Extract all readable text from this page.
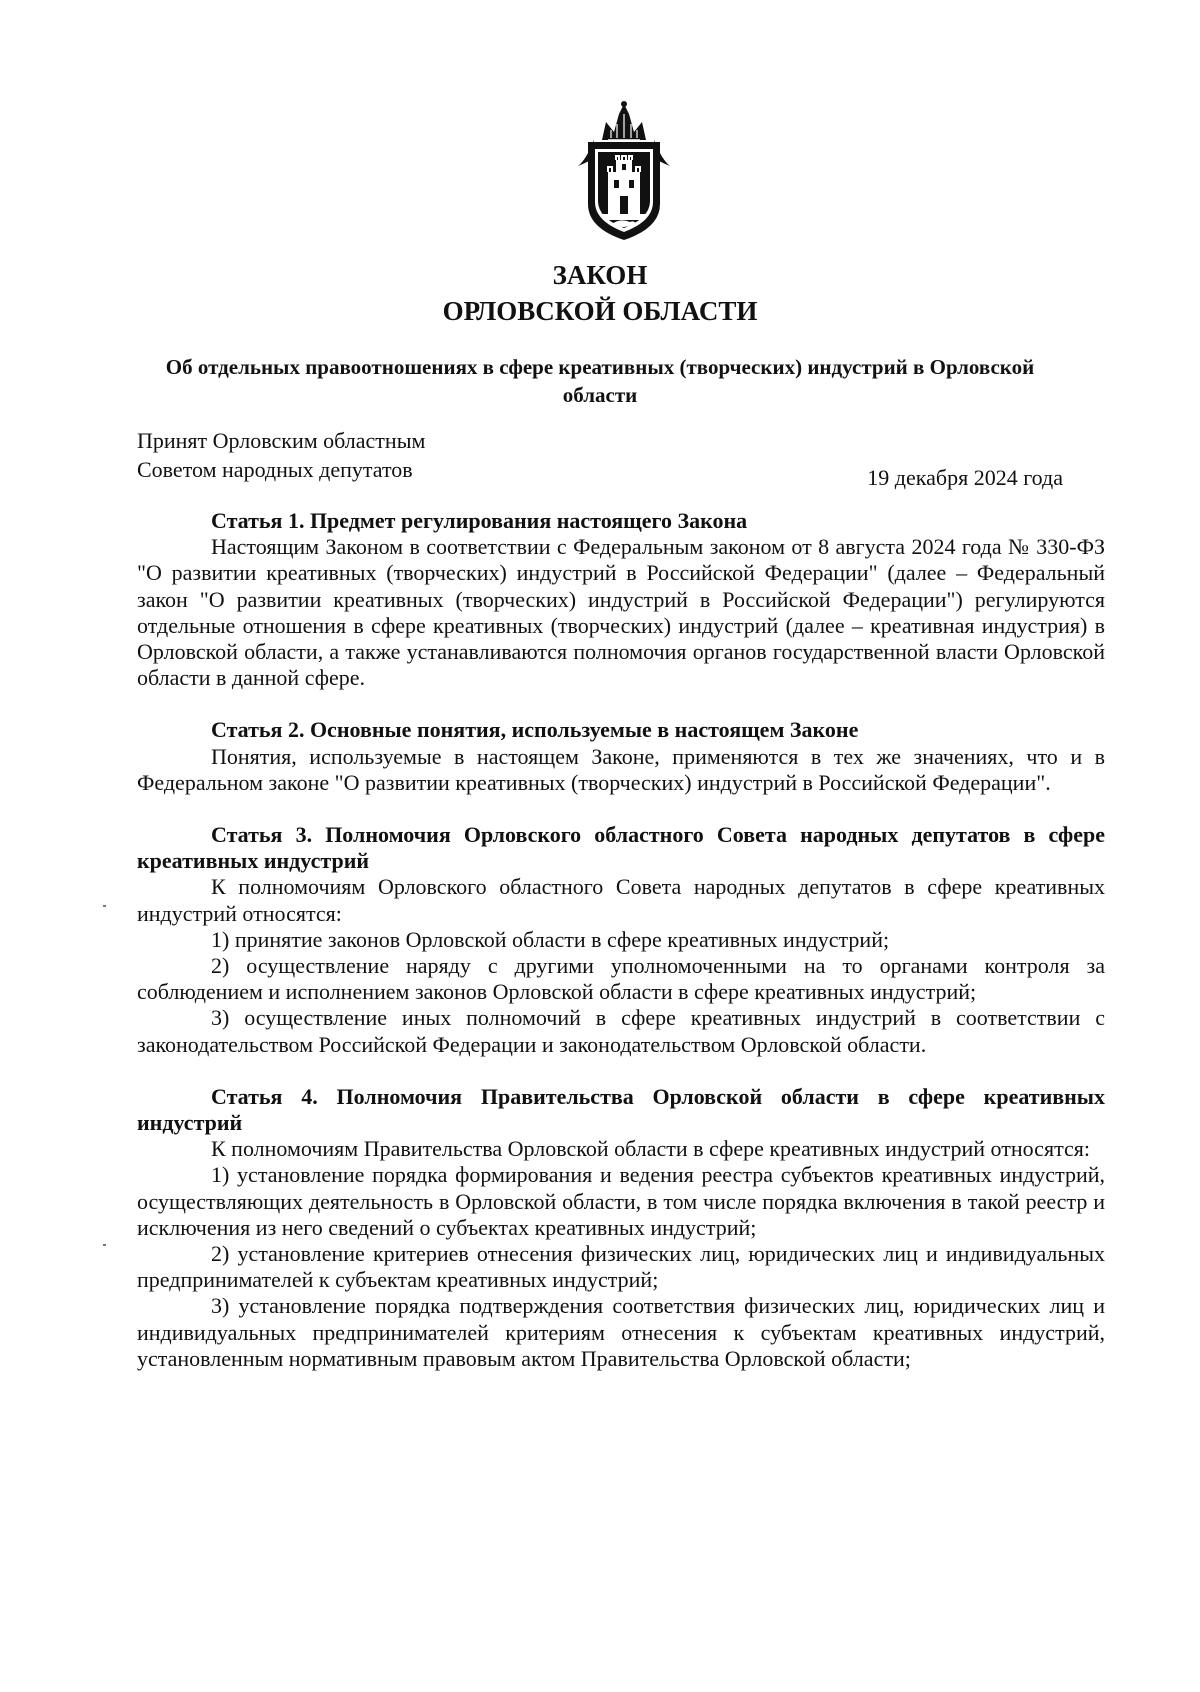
ЗАКОН
ОРЛОВСКОЙ ОБЛАСТИ
Об отдельных правоотношениях в сфере креативных (творческих) индустрий в Орловской области
Принят Орловским областным
Советом народных депутатов	19 декабря 2024 года

Статья 1. Предмет регулирования настоящего Закона

Настоящим Законом в соответствии с Федеральным законом от 8 августа 2024 года № 330-ФЗ "О развитии креативных (творческих) индустрий в Российской Федерации" (далее – Федеральный закон "О развитии креативных (творческих) индустрий в Российской Федерации") регулируются отдельные отношения в сфере креативных (творческих) индустрий (далее – креативная индустрия) в Орловской области, а также устанавливаются полномочия органов государственной власти Орловской области в данной сфере.

Статья 2. Основные понятия, используемые в настоящем Законе

Понятия, используемые в настоящем Законе, применяются в тех же значениях, что и в Федеральном законе "О развитии креативных (творческих) индустрий в Российской Федерации".

Статья 3. Полномочия Орловского областного Совета народных депутатов в сфере креативных индустрий

К полномочиям Орловского областного Совета народных депутатов в сфере креативных индустрий относятся:

1) принятие законов Орловской области в сфере креативных индустрий;

2) осуществление наряду с другими уполномоченными на то органами контроля за соблюдением и исполнением законов Орловской области в сфере креативных индустрий;

3) осуществление иных полномочий в сфере креативных индустрий в соответствии с законодательством Российской Федерации и законодательством Орловской области.

Статья 4. Полномочия Правительства Орловской области в сфере креативных индустрий

К полномочиям Правительства Орловской области в сфере креативных индустрий относятся:

1) установление порядка формирования и ведения реестра субъектов креативных индустрий, осуществляющих деятельность в Орловской области, в том числе порядка включения в такой реестр и исключения из него сведений о субъектах креативных индустрий;

2) установление критериев отнесения физических лиц, юридических лиц и индивидуальных предпринимателей к субъектам креативных индустрий;

3) установление порядка подтверждения соответствия физических лиц, юридических лиц и индивидуальных предпринимателей критериям отнесения к субъектам креативных индустрий, установленным нормативным правовым актом Правительства Орловской области;
